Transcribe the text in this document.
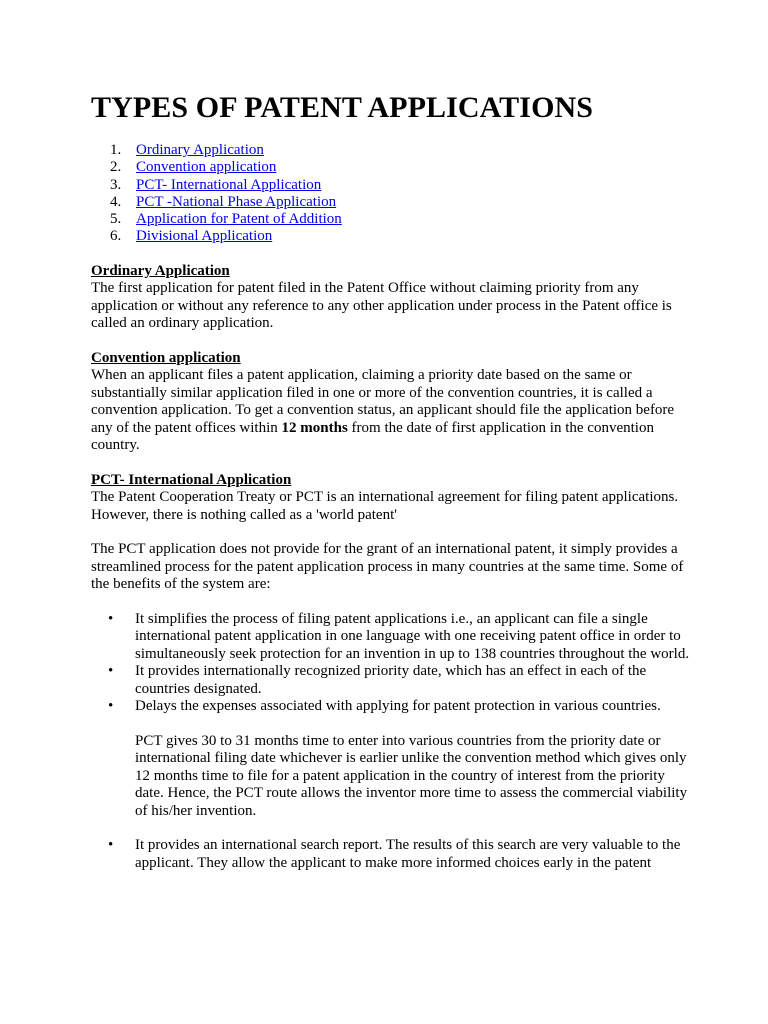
TYPES OF PATENT APPLICATIONS
1. Ordinary Application
2. Convention application
3. PCT- International Application
4. PCT -National Phase Application
5. Application for Patent of Addition
6. Divisional Application

Ordinary Application

The first application for patent filed in the Patent Office without claiming priority from any application or without any reference to any other application under process in the Patent office is called an ordinary application.

Convention application

When an applicant files a patent application, claiming a priority date based on the same or substantially similar application filed in one or more of the convention countries, it is called a convention application. To get a convention status, an applicant should file the application before any of the patent offices within 12 months from the date of first application in the convention country.

PCT- International Application

The Patent Cooperation Treaty or PCT is an international agreement for filing patent applications. However, there is nothing called as a 'world patent'

The PCT application does not provide for the grant of an international patent, it simply provides a streamlined process for the patent application process in many countries at the same time. Some of the benefits of the system are:

• It simplifies the process of filing patent applications i.e., an applicant can file a single international patent application in one language with one receiving patent office in order to simultaneously seek protection for an invention in up to 138 countries throughout the world.
• It provides internationally recognized priority date, which has an effect in each of the countries designated.
• Delays the expenses associated with applying for patent protection in various countries.

PCT gives 30 to 31 months time to enter into various countries from the priority date or international filing date whichever is earlier unlike the convention method which gives only 12 months time to file for a patent application in the country of interest from the priority date. Hence, the PCT route allows the inventor more time to assess the commercial viability of his/her invention.

• It provides an international search report. The results of this search are very valuable to the applicant. They allow the applicant to make more informed choices early in the patent
